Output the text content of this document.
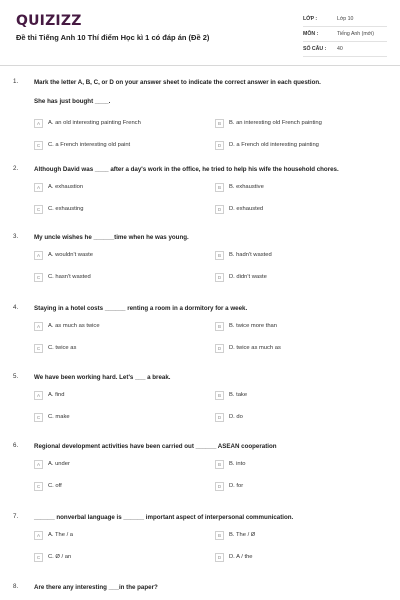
QUIZIZZ
Đề thi Tiếng Anh 10 Thí điểm Học kì 1 có đáp án (Đề 2)
LỚP :	Lớp 10
MÔN :	Tiếng Anh (mới)
SỐ CÂU :	40
1.	Mark the letter A, B, C, or D on your answer sheet to indicate the correct answer in each question.
She has just bought ____.
A	A. an old interesting painting French	B	B. an interesting old French painting
C	C. a French interesting old paint	D	D. a French old interesting painting
2.	Although David was ____ after a day's work in the office, he tried to help his wife the household chores.
A	A. exhaustion	B	B. exhaustive
C	C. exhausting	D	D. exhausted
3.	My uncle wishes he ______time when he was young.
A	A. wouldn't waste	B	B. hadn't wasted
C	C. hasn't wasted	D	D. didn't waste
4.	Staying in a hotel costs ______ renting a room in a dormitory for a week.
A	A. as much as twice	B	B. twice more than
C	C. twice as	D	D. twice as much as
5.	We have been working hard. Let's ___ a break.
A	A. find	B	B. take
C	C. make	D	D. do
6.	Regional development activities have been carried out ______ ASEAN cooperation
A	A. under	B	B. into
C	C. off	D	D. for
7.	______ nonverbal language is ______ important aspect of interpersonal communication.
A	A. The / a	B	B. The / Ø
C	C. Ø / an	D	D. A / the
8.	Are there any interesting ___in the paper?
